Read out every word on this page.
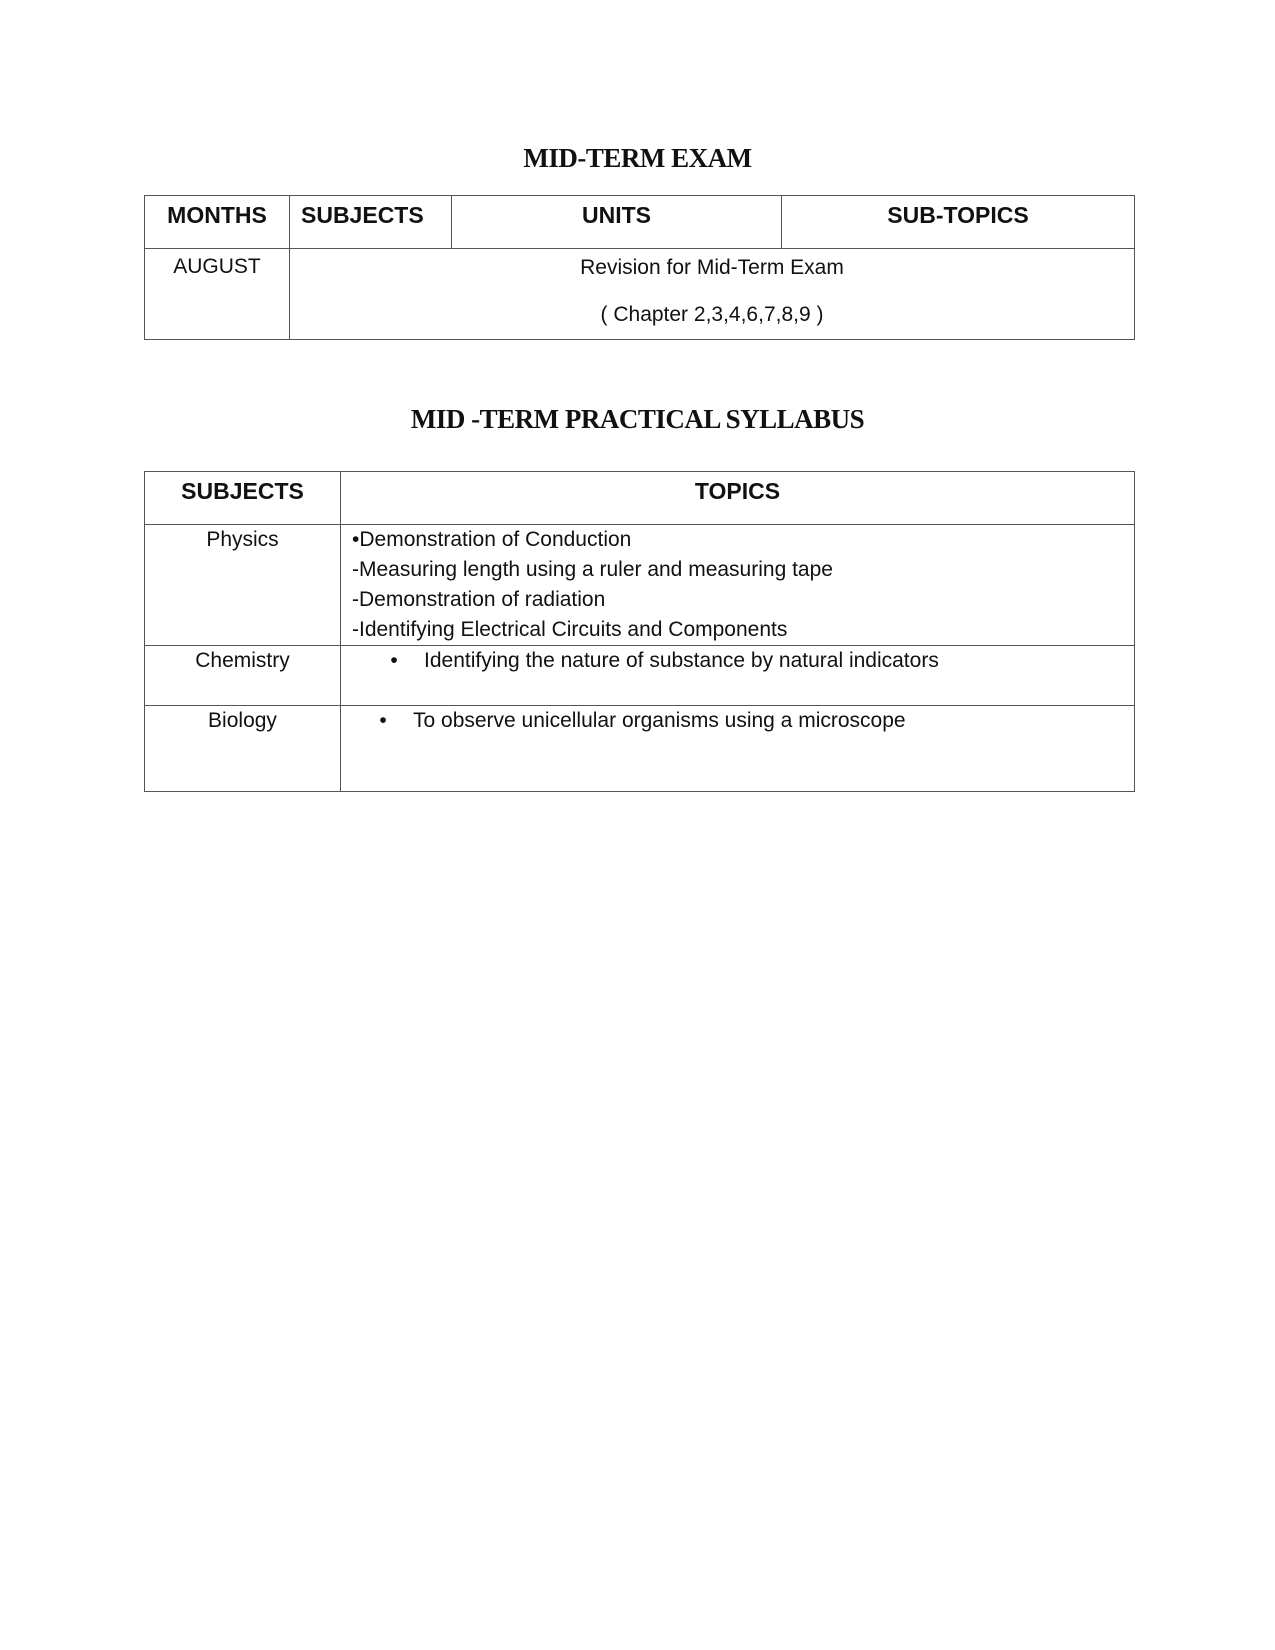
MID-TERM EXAM
MONTHS	SUBJECTS	UNITS	SUB-TOPICS
AUGUST	Revision for Mid-Term Exam
( Chapter 2,3,4,6,7,8,9 )		
MID -TERM PRACTICAL SYLLABUS
SUBJECTS	TOPICS
Physics	•Demonstration of Conduction
-Measuring length using a ruler and measuring tape
-Demonstration of radiation
-Identifying Electrical Circuits and Components

Chemistry	• Identifying the nature of substance by natural indicators

Biology	• To observe unicellular organisms using a microscope
